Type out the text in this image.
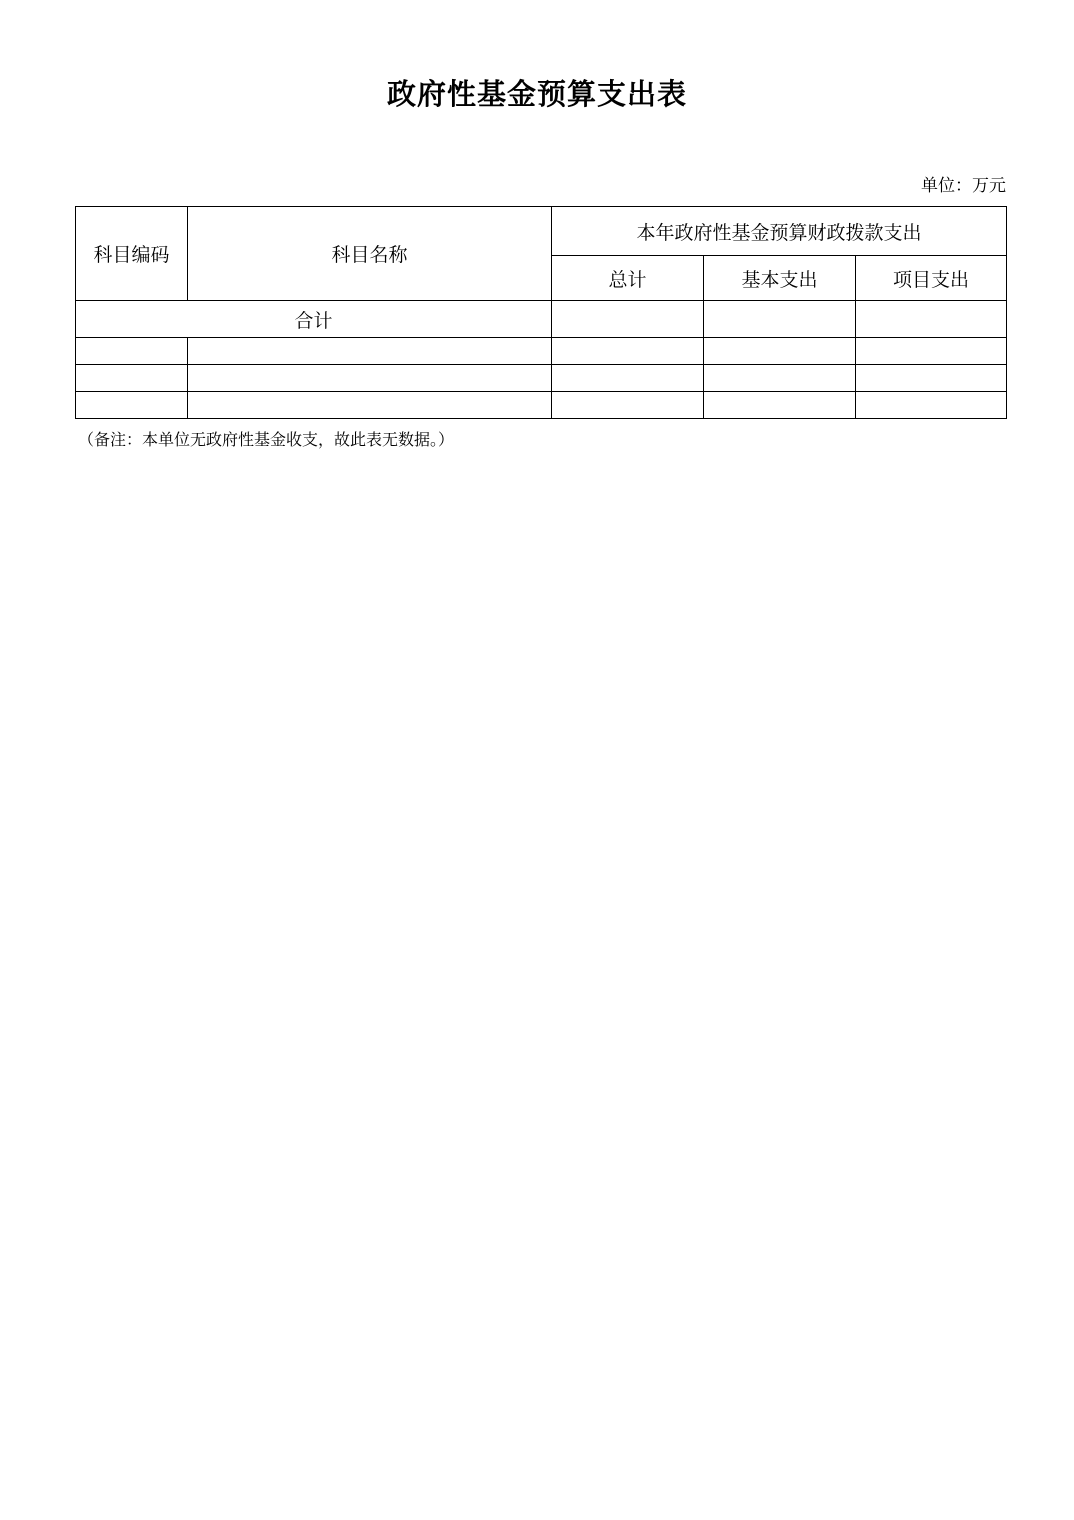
政府性基金预算支出表

单位：万元

科目编码	科目名称	本年政府性基金预算财政拨款支出		
		总计	基本支出	项目支出
合计				

（备注：本单位无政府性基金收支，故此表无数据。）
